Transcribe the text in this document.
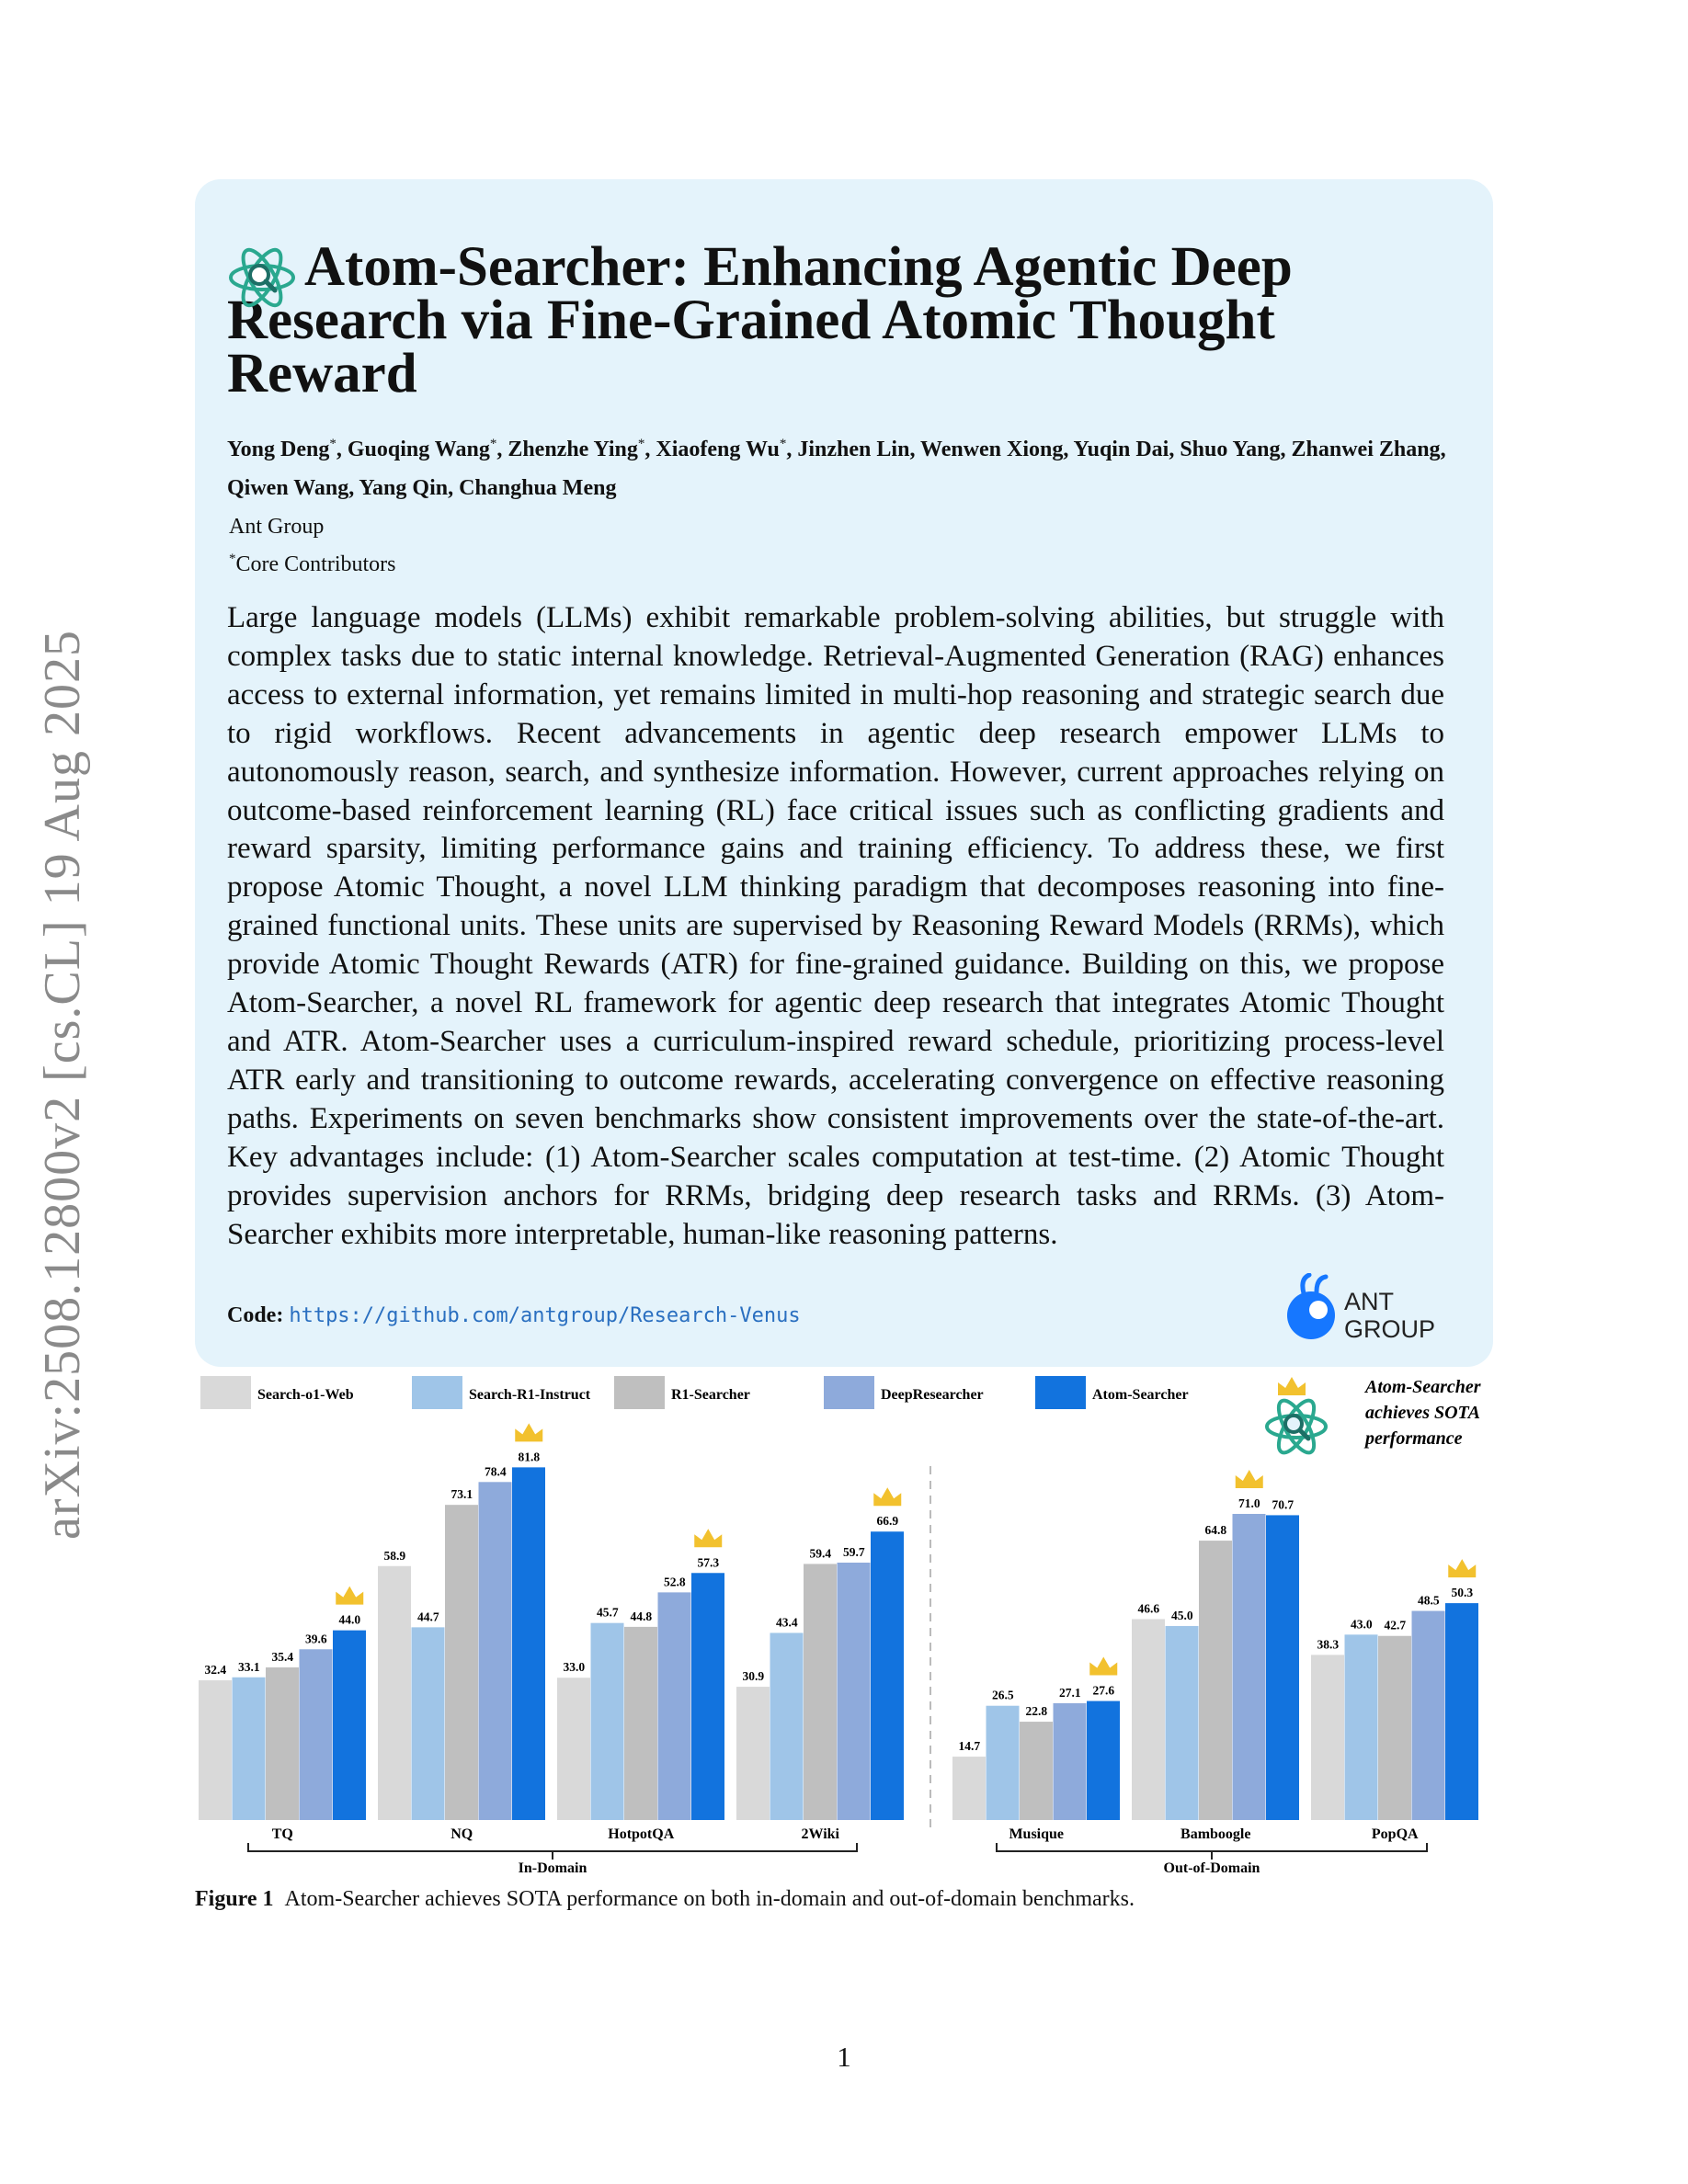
arXiv:2508.12800v2 [cs.CL] 19 Aug 2025
Atom-Searcher: Enhancing Agentic Deep Research via Fine-Grained Atomic Thought Reward
Yong Deng*, Guoqing Wang*, Zhenzhe Ying*, Xiaofeng Wu*, Jinzhen Lin, Wenwen Xiong, Yuqin Dai, Shuo Yang, Zhanwei Zhang, Qiwen Wang, Yang Qin, Changhua Meng
Ant Group
*Core Contributors

Large language models (LLMs) exhibit remarkable problem-solving abilities, but struggle with complex tasks due to static internal knowledge. Retrieval-Augmented Generation (RAG) enhances access to external information, yet remains limited in multi-hop reasoning and strategic search due to rigid workflows. Recent advancements in agentic deep research empower LLMs to autonomously reason, search, and synthesize information. However, current approaches relying on outcome-based reinforcement learning (RL) face critical issues such as conflicting gradients and reward sparsity, limiting performance gains and training efficiency. To address these, we first propose Atomic Thought, a novel LLM thinking paradigm that decomposes reasoning into fine-grained functional units. These units are supervised by Reasoning Reward Models (RRMs), which provide Atomic Thought Rewards (ATR) for fine-grained guidance. Building on this, we propose Atom-Searcher, a novel RL framework for agentic deep research that integrates Atomic Thought and ATR. Atom-Searcher uses a curriculum-inspired reward schedule, prioritizing process-level ATR early and transitioning to outcome rewards, accelerating convergence on effective reasoning paths. Experiments on seven benchmarks show consistent improvements over the state-of-the-art. Key advantages include: (1) Atom-Searcher scales computation at test-time. (2) Atomic Thought provides supervision anchors for RRMs, bridging deep research tasks and RRMs. (3) Atom-Searcher exhibits more interpretable, human-like reasoning patterns.

Code: https://github.com/antgroup/Research-Venus
ANT
GROUP
Search-o1-Web	Search-R1-Instruct	R1-Searcher	DeepResearcher	Atom-Searcher	Atom-Searcher
achieves SOTA
performance
32.4 33.1
35.4
39.6
44.0
TQ
58.9
44.7
73.1
78.4
81.8
NQ
33.0
45.7 44.8
52.8
57.3
HotpotQA
30.9
43.4
59.4 59.7
66.9
2Wiki
14.7
26.5
22.8
27.1 27.6
Musique
46.6
45.0
64.8
71.0 70.7
Bamboogle
38.3
43.0 42.7
48.5
50.3
PopQA
In-Domain	Out-of-Domain
Figure 1 Atom-Searcher achieves SOTA performance on both in-domain and out-of-domain benchmarks.
1
